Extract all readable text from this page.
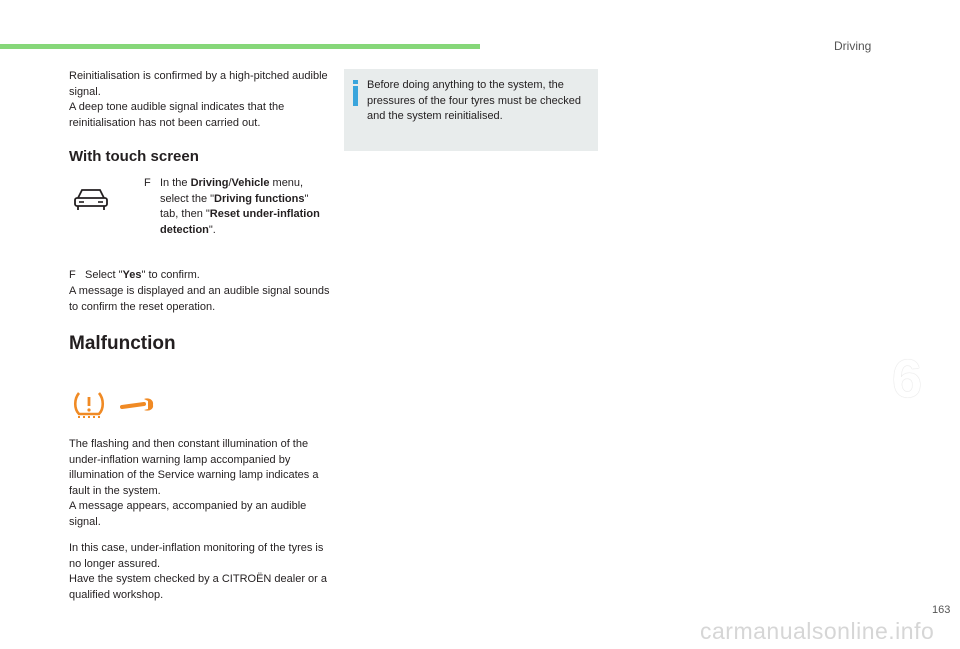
Driving

Reinitialisation is confirmed by a high-pitched audible signal.

A deep tone audible signal indicates that the reinitialisation has not been carried out.

Before doing anything to the system, the pressures of the four tyres must be checked and the system reinitialised.
With touch screen
F In the Driving/Vehicle menu, select the "Driving functions" tab, then "Reset under-inflation detection".
F Select "Yes" to confirm.

A message is displayed and an audible signal sounds to confirm the reset operation.

Malfunction

The flashing and then constant illumination of the under-inflation warning lamp accompanied by illumination of the Service warning lamp indicates a fault in the system.

A message appears, accompanied by an audible signal.

In this case, under-inflation monitoring of the tyres is no longer assured.

Have the system checked by a CITROËN dealer or a qualified workshop.

6
163
carmanualsonline.info
